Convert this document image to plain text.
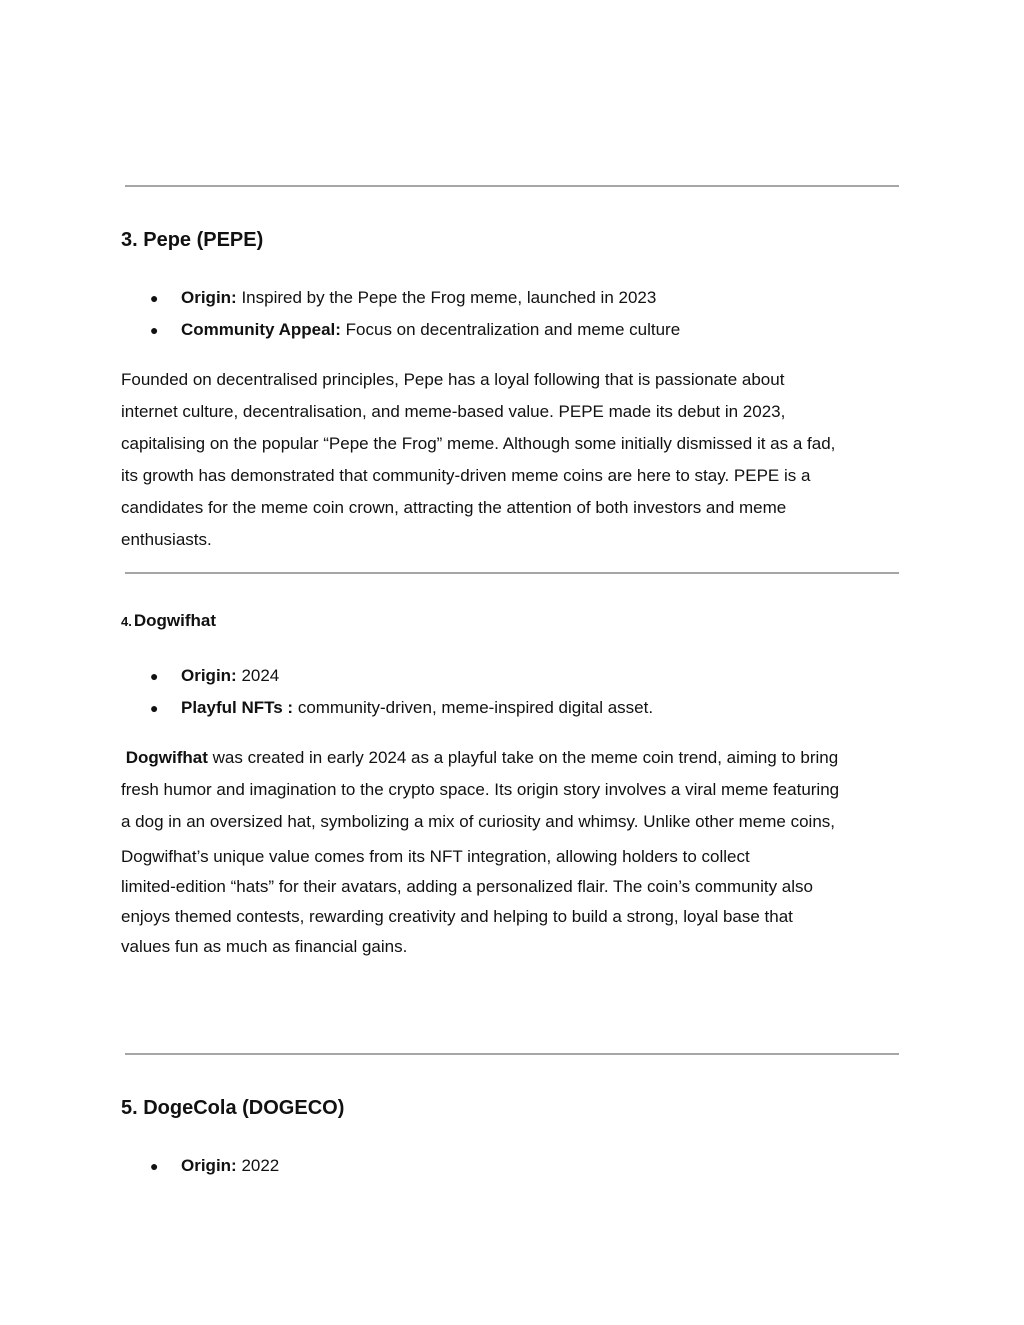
3. Pepe (PEPE)
● Origin: Inspired by the Pepe the Frog meme, launched in 2023
● Community Appeal: Focus on decentralization and meme culture

Founded on decentralised principles, Pepe has a loyal following that is passionate about
internet culture, decentralisation, and meme-based value. PEPE made its debut in 2023,
capitalising on the popular “Pepe the Frog” meme. Although some initially dismissed it as a fad,
its growth has demonstrated that community-driven meme coins are here to stay. PEPE is a
candidates for the meme coin crown, attracting the attention of both investors and meme
enthusiasts.

4. Dogwifhat
● Origin: 2024
● Playful NFTs : community-driven, meme-inspired digital asset.

Dogwifhat was created in early 2024 as a playful take on the meme coin trend, aiming to bring
fresh humor and imagination to the crypto space. Its origin story involves a viral meme featuring
a dog in an oversized hat, symbolizing a mix of curiosity and whimsy. Unlike other meme coins,

Dogwifhat’s unique value comes from its NFT integration, allowing holders to collect
limited-edition “hats” for their avatars, adding a personalized flair. The coin’s community also
enjoys themed contests, rewarding creativity and helping to build a strong, loyal base that
values fun as much as financial gains.

5. DogeCola (DOGECO)
● Origin: 2022
